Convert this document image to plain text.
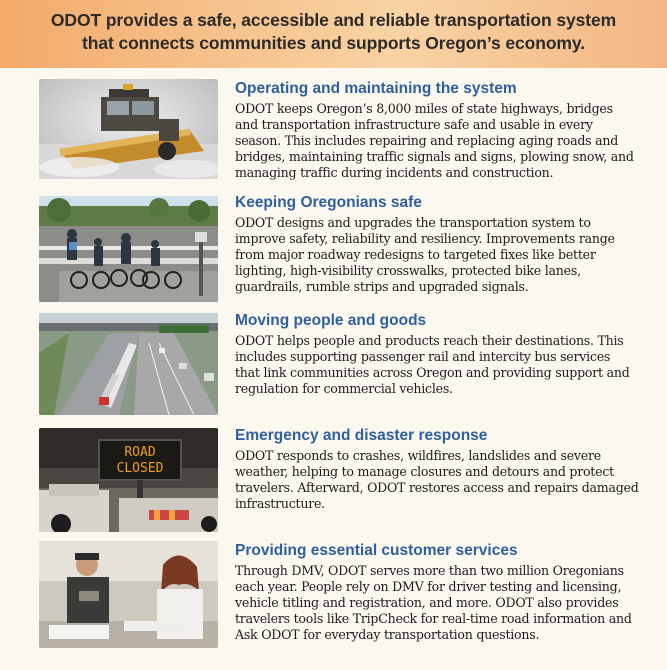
ODOT provides a safe, accessible and reliable transportation system
that connects communities and supports Oregon’s economy.
Operating and maintaining the system

ODOT keeps Oregon’s 8,000 miles of state highways, bridges
and transportation infrastructure safe and usable in every
season. This includes repairing and replacing aging roads and
bridges, maintaining traffic signals and signs, plowing snow, and
managing traffic during incidents and construction.

Keeping Oregonians safe

ODOT designs and upgrades the transportation system to
improve safety, reliability and resiliency. Improvements range
from major roadway redesigns to targeted fixes like better
lighting, high-visibility crosswalks, protected bike lanes,
guardrails, rumble strips and upgraded signals.

Moving people and goods

ODOT helps people and products reach their destinations. This
includes supporting passenger rail and intercity bus services
that link communities across Oregon and providing support and
regulation for commercial vehicles.

ROAD
CLOSED
Emergency and disaster response

ODOT responds to crashes, wildfires, landslides and severe
weather, helping to manage closures and detours and protect
travelers. Afterward, ODOT restores access and repairs damaged
infrastructure.

Providing essential customer services

Through DMV, ODOT serves more than two million Oregonians
each year. People rely on DMV for driver testing and licensing,
vehicle titling and registration, and more. ODOT also provides
travelers tools like TripCheck for real-time road information and
Ask ODOT for everyday transportation questions.
